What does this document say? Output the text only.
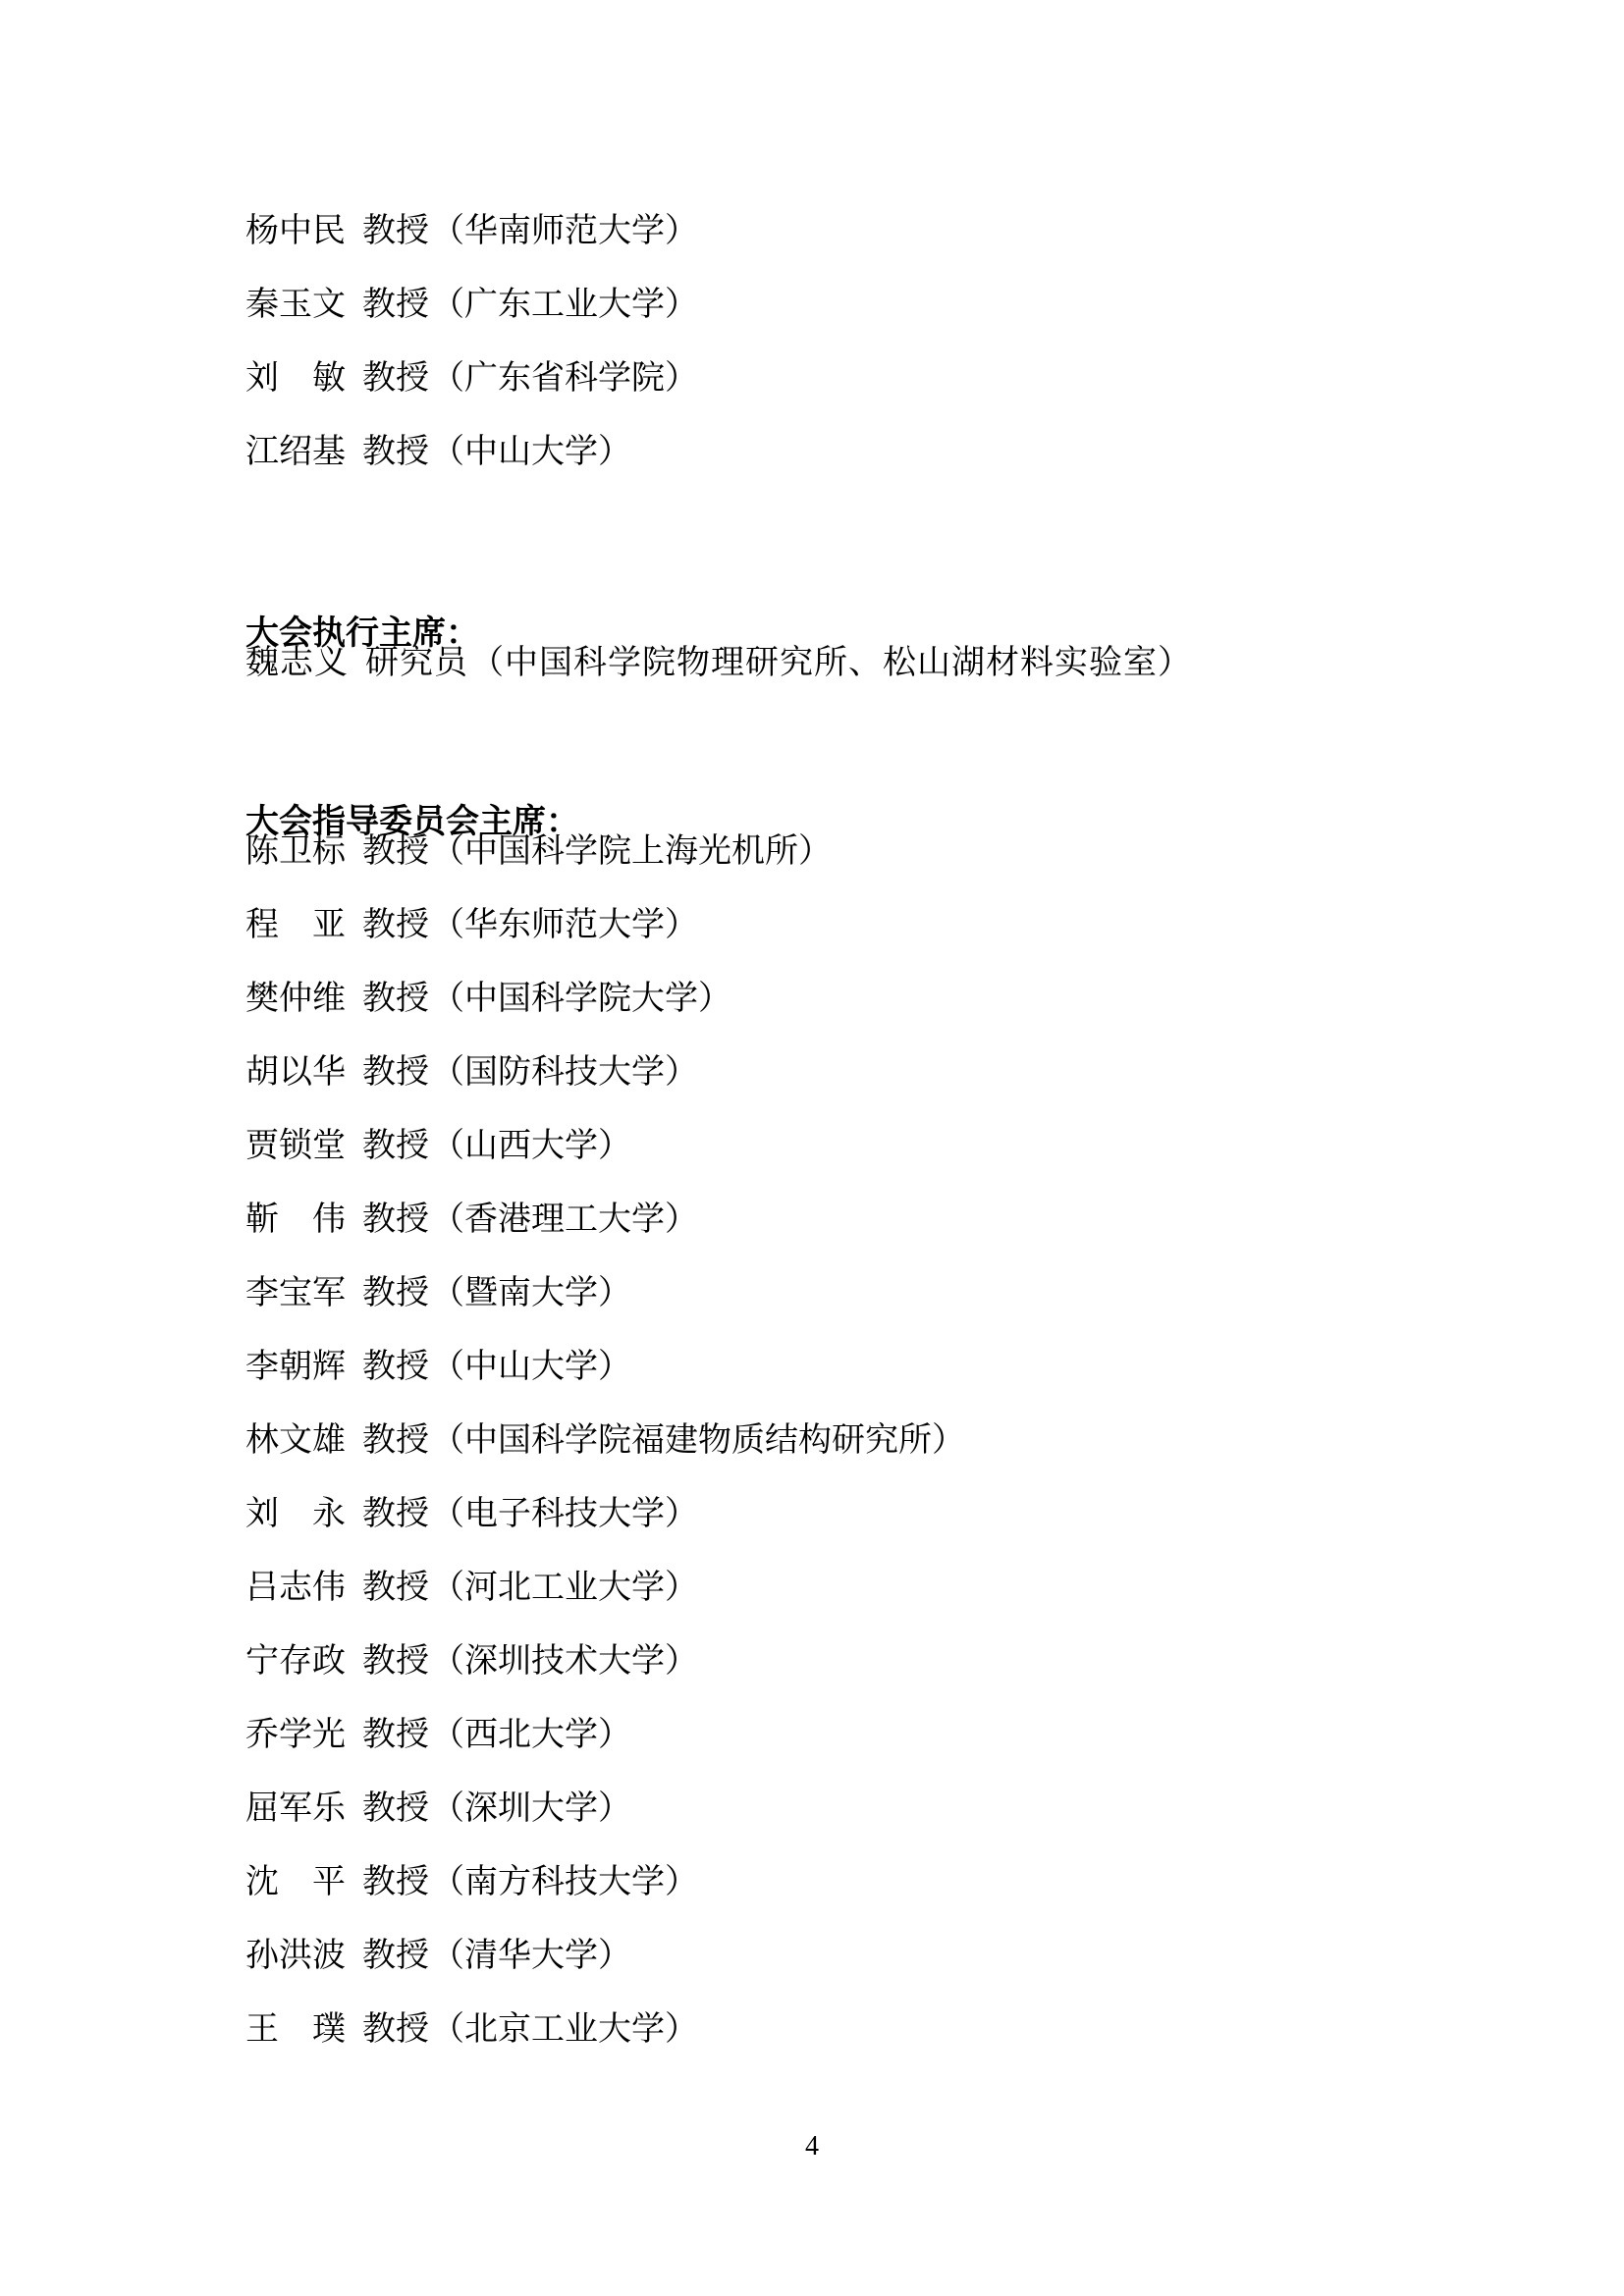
杨中民 教授 （华南师范大学）
秦玉文 教授 （广东工业大学）
刘　敏 教授 （广东省科学院）
江绍基 教授 （中山大学）
大会执行主席：
魏志义 研究员 （中国科学院物理研究所、松山湖材料实验室）
大会指导委员会主席：
陈卫标 教授 （中国科学院上海光机所）
程　亚 教授 （华东师范大学）
樊仲维 教授 （中国科学院大学）
胡以华 教授 （国防科技大学）
贾锁堂 教授 （山西大学）
靳　伟 教授 （香港理工大学）
李宝军 教授 （暨南大学）
李朝辉 教授 （中山大学）
林文雄 教授 （中国科学院福建物质结构研究所）
刘　永 教授 （电子科技大学）
吕志伟 教授 （河北工业大学）
宁存政 教授 （深圳技术大学）
乔学光 教授 （西北大学）
屈军乐 教授 （深圳大学）
沈　平 教授 （南方科技大学）
孙洪波 教授 （清华大学）
王　璞 教授 （北京工业大学）
4
